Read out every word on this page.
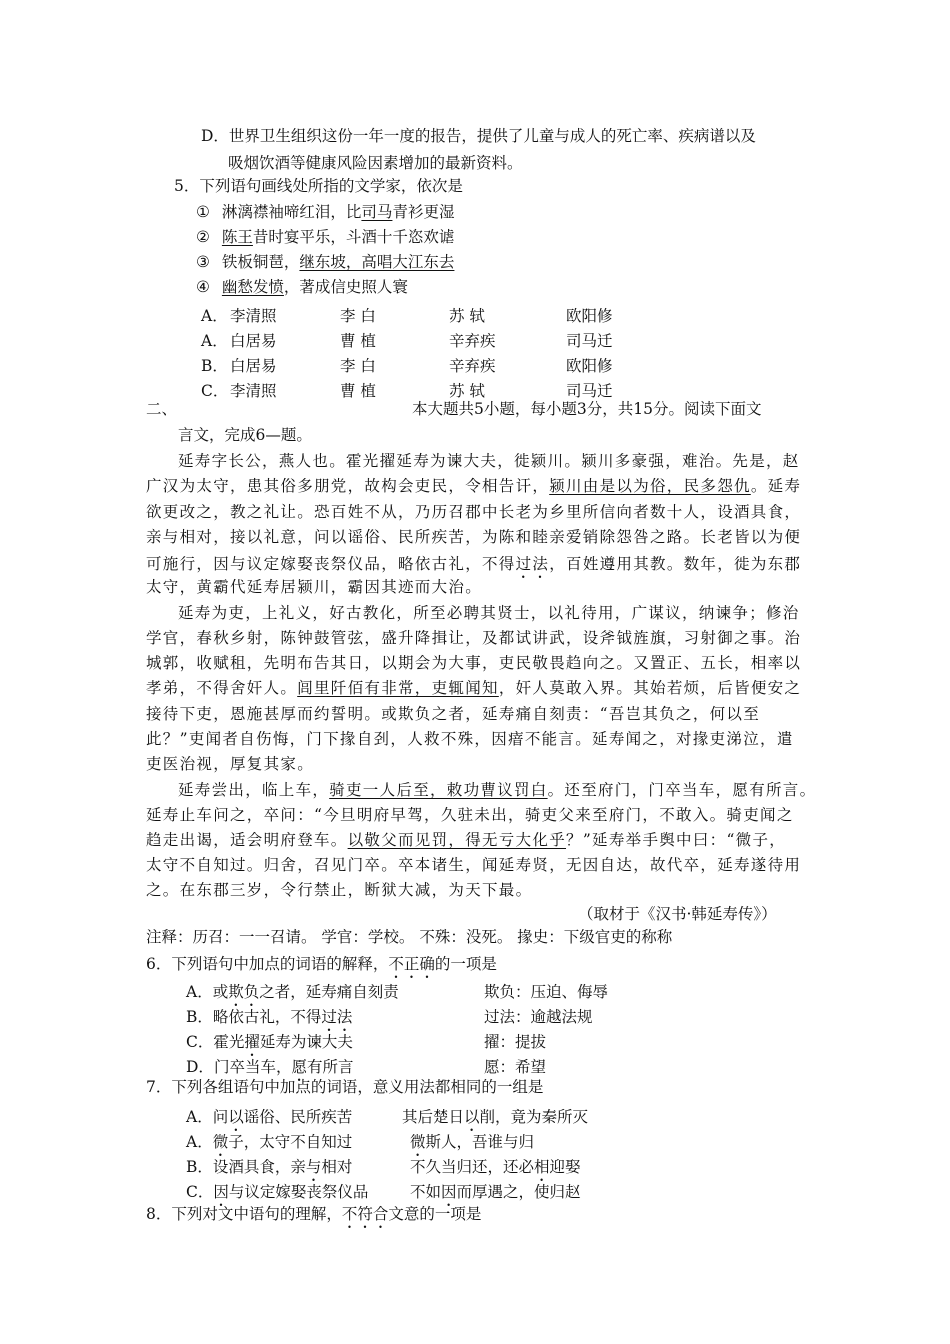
D．世界卫生组织这份一年一度的报告，提供了儿童与成人的死亡率、疾病谱以及
吸烟饮酒等健康风险因素增加的最新资料。
5．下列语句画线处所指的文学家，依次是
① 淋漓襟袖啼红泪，比司马青衫更湿
② 陈王昔时宴平乐，斗酒十千恣欢谑
③ 铁板铜琶，继东坡，高唱大江东去
④ 幽愁发愤，著成信史照人寰
A． 李清照	李 白	苏 轼	欧阳修
A． 白居易	曹 植	辛弃疾	司马迁
B． 白居易	李 白	辛弃疾	欧阳修
C． 李清照	曹 植	苏 轼	司马迁
二、	本大题共5小题，每小题3分，共15分。阅读下面文
言文，完成6—题。
延寿字长公，燕人也。霍光擢延寿为谏大夫，徙颍川。颍川多豪强，难治。先是，赵
广汉为太守，患其俗多朋党，故构会吏民，令相告讦，颍川由是以为俗，民多怨仇。延寿
欲更改之，教之礼让。恐百姓不从，乃历召郡中长老为乡里所信向者数十人，设酒具食，
亲与相对，接以礼意，问以谣俗、民所疾苦，为陈和睦亲爱销除怨咎之路。长老皆以为便
可施行，因与议定嫁娶丧祭仪品，略依古礼，不得过法，百姓遵用其教。数年，徙为东郡
太守，黄霸代延寿居颍川，霸因其迹而大治。
延寿为吏，上礼义，好古教化，所至必聘其贤士，以礼待用，广谋议，纳谏争；修治
学官，春秋乡射，陈钟鼓管弦，盛升降揖让，及都试讲武，设斧钺旌旗，习射御之事。治
城郭，收赋租，先明布告其日，以期会为大事，吏民敬畏趋向之。又置正、五长，相率以
孝弟，不得舍奸人。闾里阡佰有非常，吏辄闻知，奸人莫敢入界。其始若烦，后皆便安之
接待下吏，恩施甚厚而约誓明。或欺负之者，延寿痛自刻责：“吾岂其负之，何以至
此？”吏闻者自伤悔，门下掾自刭，人救不殊，因瘖不能言。延寿闻之，对掾吏涕泣，遣
吏医治视，厚复其家。
延寿尝出，临上车，骑吏一人后至，敕功曹议罚白。还至府门，门卒当车，愿有所言。
延寿止车问之，卒问：“今旦明府早驾，久驻未出，骑吏父来至府门，不敢入。骑吏闻之
趋走出谒，适会明府登车。以敬父而见罚，得无亏大化乎？”延寿举手舆中曰：“微子，
太守不自知过。归舍，召见门卒。卒本诸生，闻延寿贤，无因自达，故代卒，延寿遂待用
之。在东郡三岁，令行禁止，断狱大减，为天下最。
（取材于《汉书·韩延寿传》）
注释：历召：一一召请。 学官：学校。 不殊：没死。 掾史：下级官吏的称称
6．下列语句中加点的词语的解释，不正确的一项是
A．或欺负之者，延寿痛自刻责	欺负：压迫、侮辱
B．略依古礼，不得过法	过法：逾越法规
C．霍光擢延寿为谏大夫	擢：提拔
D．门卒当车，愿有所言	愿：希望
7．下列各组语句中加点的词语，意义用法都相同的一组是
A．问以谣俗、民所疾苦	其后楚日以削，竟为秦所灭
A．微子，太守不自知过	微斯人，吾谁与归
B．设酒具食，亲与相对	不久当归还，还必相迎娶
C．因与议定嫁娶丧祭仪品	不如因而厚遇之，使归赵
8．下列对文中语句的理解，不符合文意的一项是
